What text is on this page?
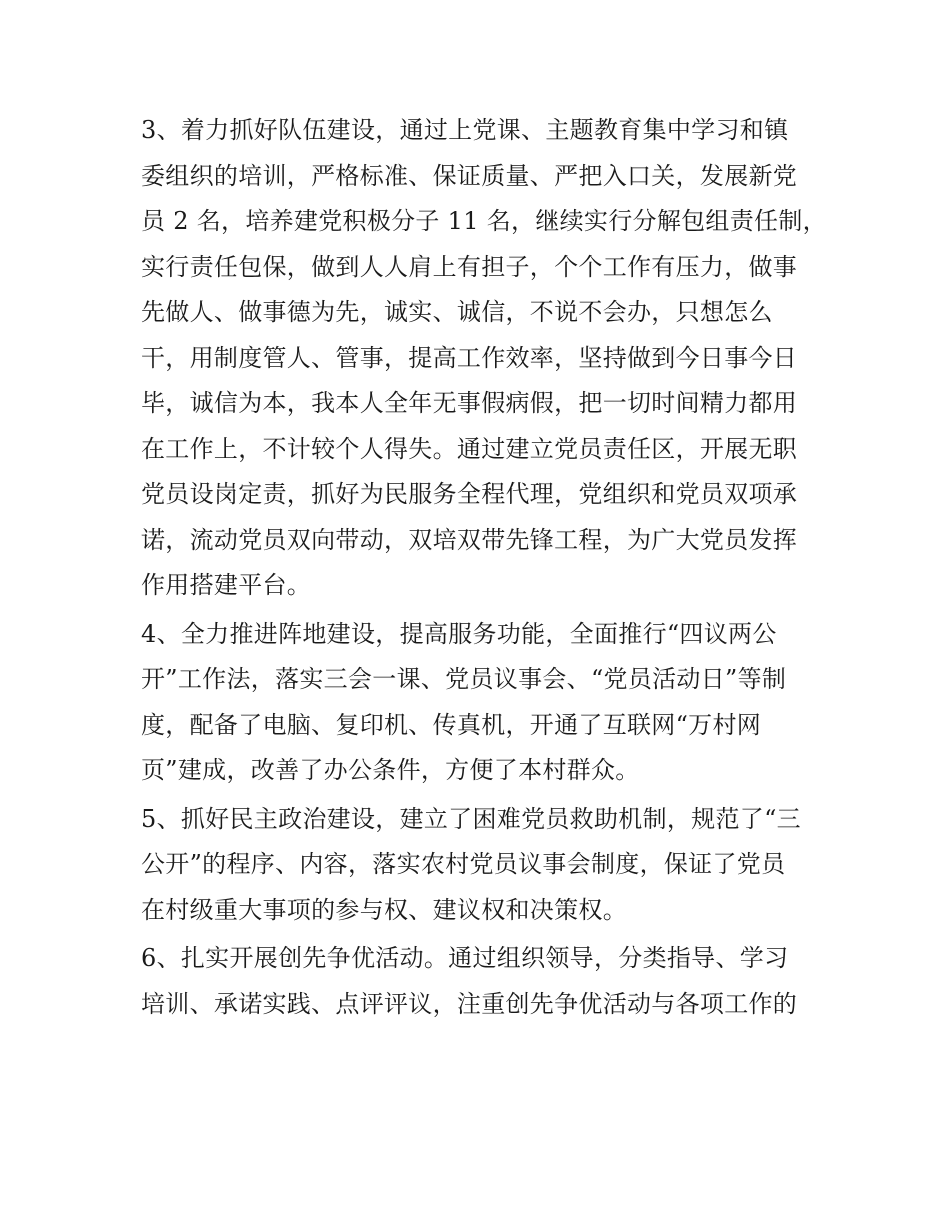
3、着力抓好队伍建设，通过上党课、主题教育集中学习和镇
委组织的培训，严格标准、保证质量、严把入口关，发展新党
员 2 名，培养建党积极分子 11 名，继续实行分解包组责任制，
实行责任包保，做到人人肩上有担子，个个工作有压力，做事
先做人、做事德为先，诚实、诚信，不说不会办，只想怎么
干，用制度管人、管事，提高工作效率，坚持做到今日事今日
毕，诚信为本，我本人全年无事假病假，把一切时间精力都用
在工作上，不计较个人得失。通过建立党员责任区，开展无职
党员设岗定责，抓好为民服务全程代理，党组织和党员双项承
诺，流动党员双向带动，双培双带先锋工程，为广大党员发挥
作用搭建平台。

4、全力推进阵地建设，提高服务功能，全面推行“四议两公
开”工作法，落实三会一课、党员议事会、“党员活动日”等制
度，配备了电脑、复印机、传真机，开通了互联网“万村网
页”建成，改善了办公条件，方便了本村群众。

5、抓好民主政治建设，建立了困难党员救助机制，规范了“三
公开”的程序、内容，落实农村党员议事会制度，保证了党员
在村级重大事项的参与权、建议权和决策权。

6、扎实开展创先争优活动。通过组织领导，分类指导、学习
培训、承诺实践、点评评议，注重创先争优活动与各项工作的
